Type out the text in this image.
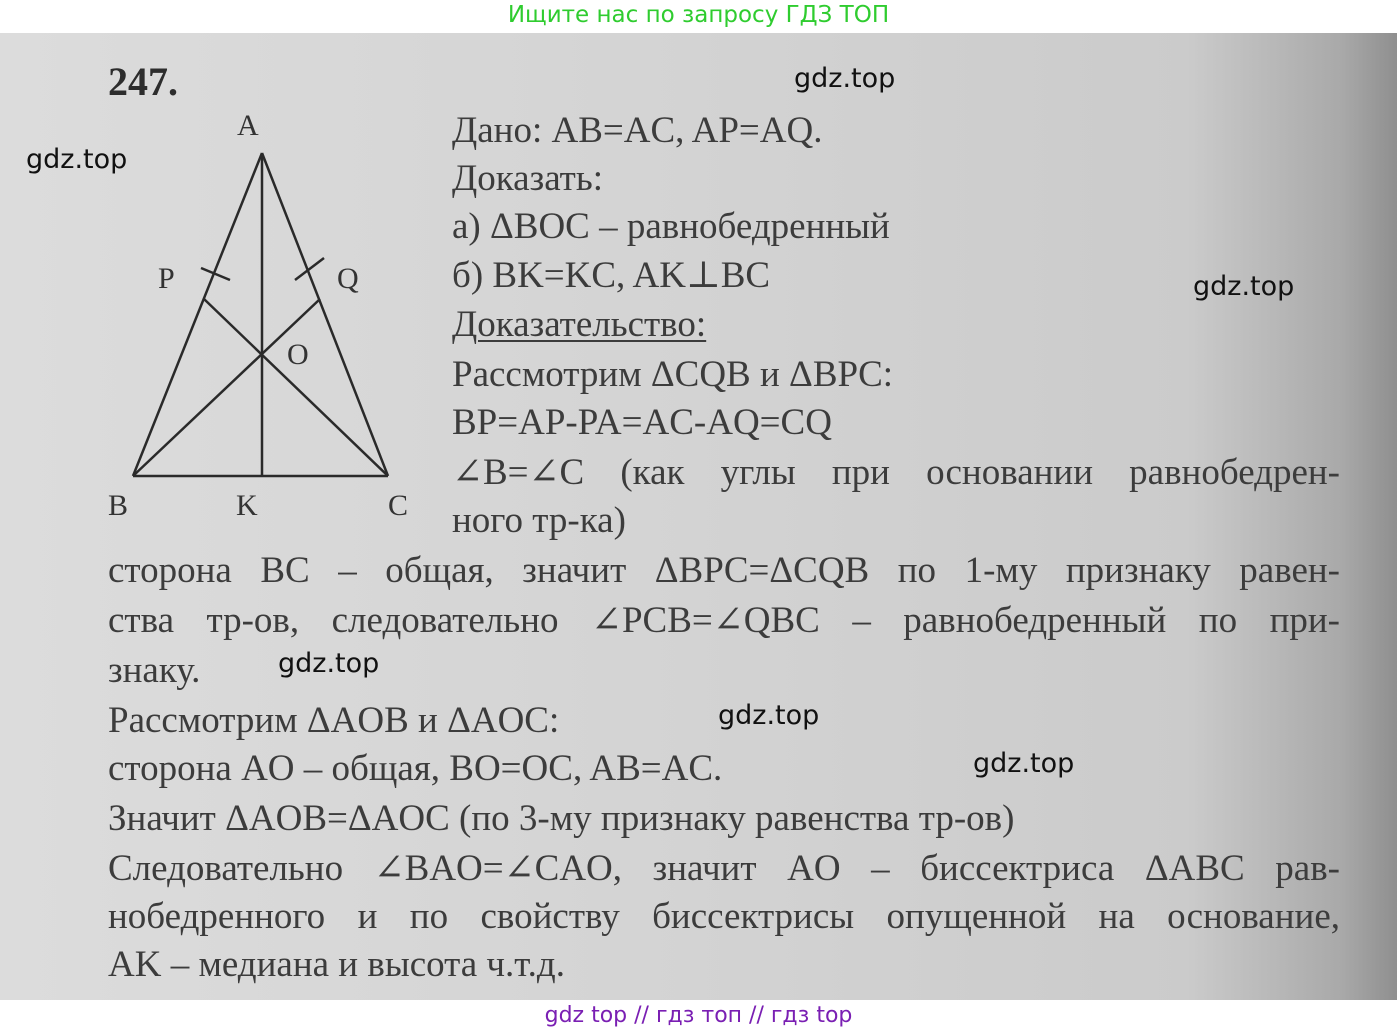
Ищите нас по запросу ГДЗ ТОП
247.
A
B	C
K
P	Q
O
Дано: AB=AC, AP=AQ.
Доказать:
а) ΔBOC – равнобедренный
б) BK=KC, AK⊥BC
Доказательство:
Рассмотрим ΔCQB и ΔBPC:
BP=AP-PA=AC-AQ=CQ
∠B=∠C (как углы при основании равнобедрен-
ного тр-ка)
сторона BC – общая, значит ΔBPC=ΔCQB по 1-му признаку равен-
ства тр-ов, следовательно ∠PCB=∠QBC – равнобедренный по при-
знаку.
Рассмотрим ΔAOB и ΔAOC:
сторона AO – общая, BO=OC, AB=AC.
Значит ΔAOB=ΔAOC (по 3-му признаку равенства тр-ов)
Следовательно ∠BAO=∠CAO, значит AO – биссектриса ΔABC рав-
нобедренного и по свойству биссектрисы опущенной на основание,
AK – медиана и высота ч.т.д.
gdz.top
gdz.top
gdz.top
gdz.top
gdz.top
gdz.top
gdz top // гдз топ // гдз top
